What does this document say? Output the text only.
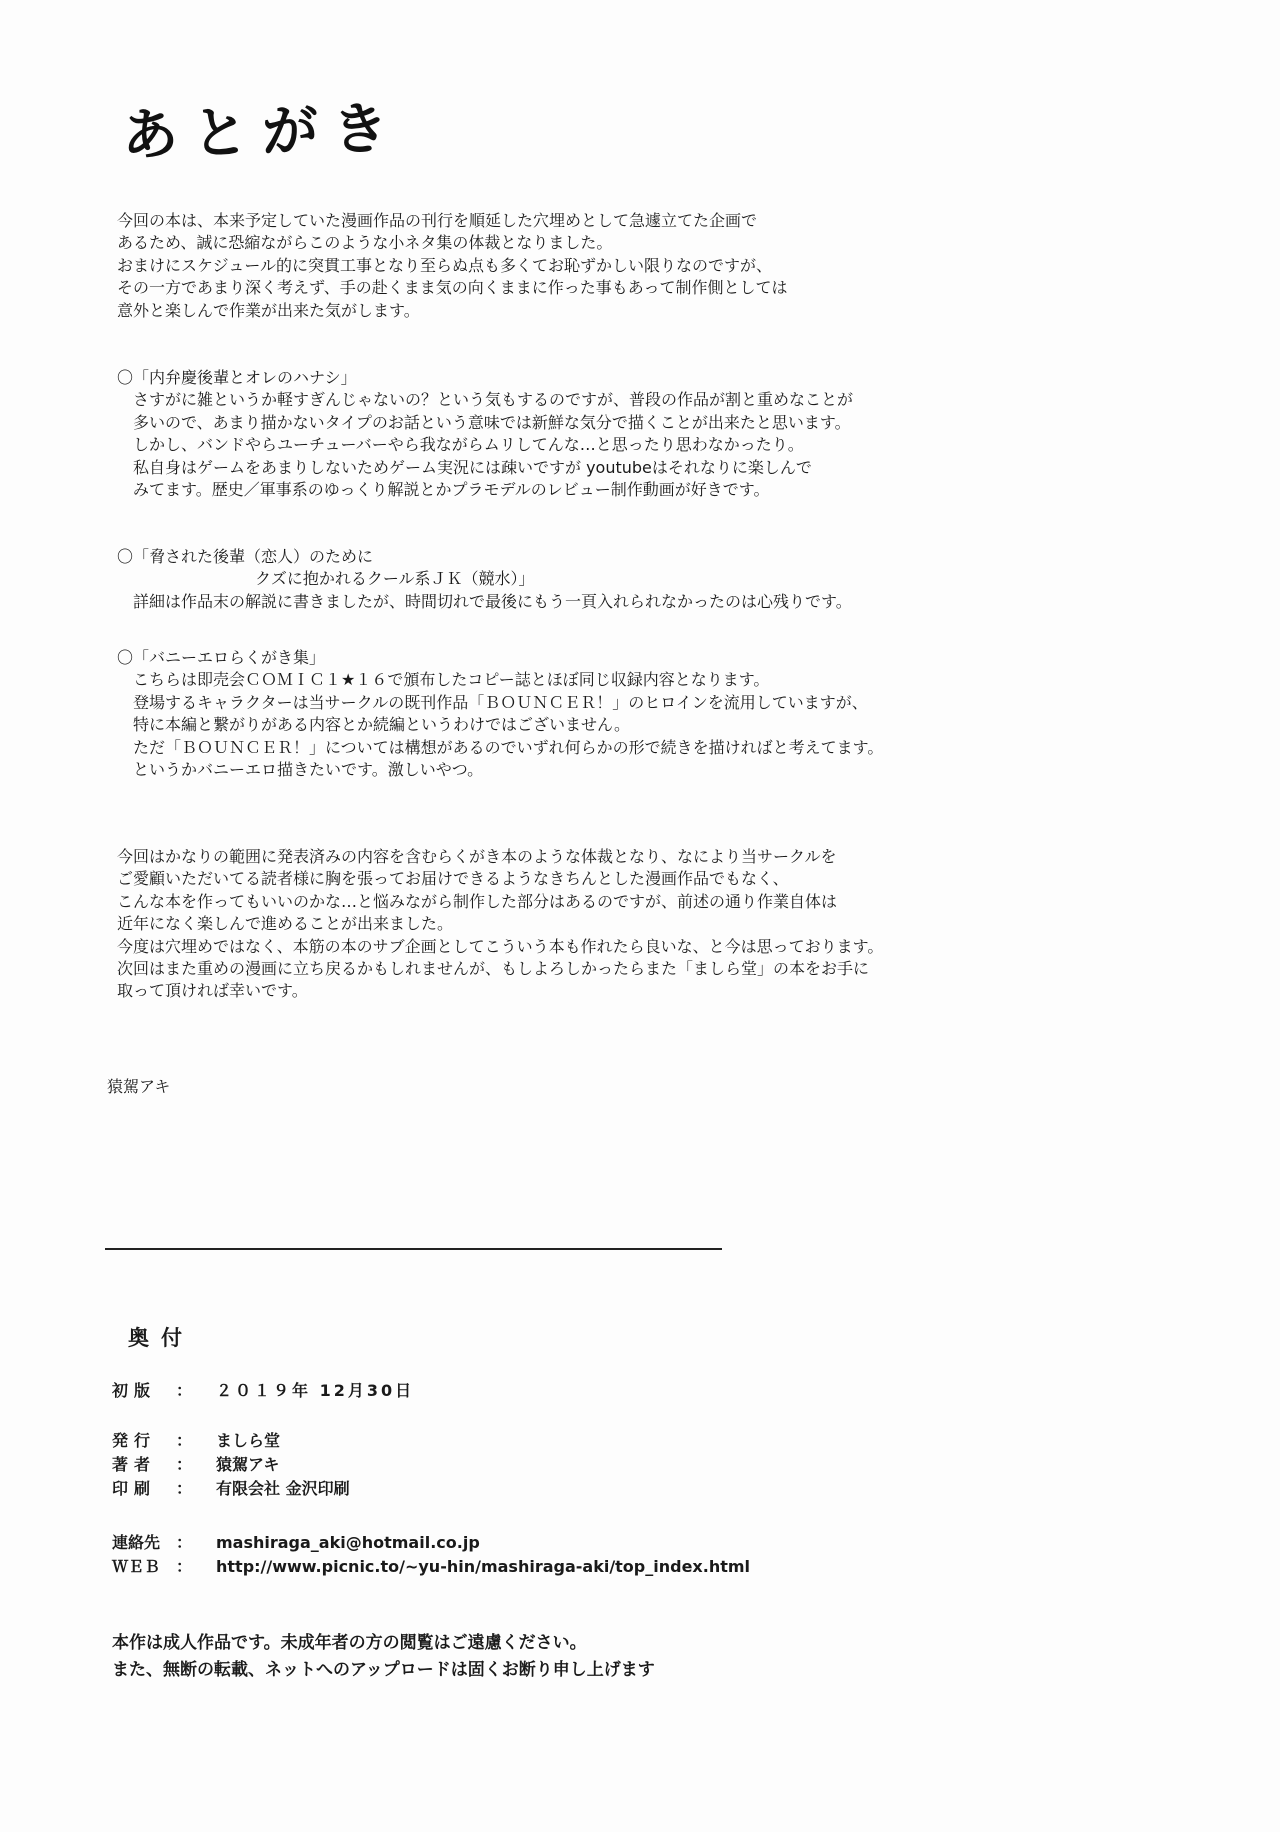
あとがき
今回の本は、本来予定していた漫画作品の刊行を順延した穴埋めとして急遽立てた企画で
あるため、誠に恐縮ながらこのような小ネタ集の体裁となりました。
おまけにスケジュール的に突貫工事となり至らぬ点も多くてお恥ずかしい限りなのですが、
その一方であまり深く考えず、手の赴くまま気の向くままに作った事もあって制作側としては
意外と楽しんで作業が出来た気がします。
〇「内弁慶後輩とオレのハナシ」
さすがに雑というか軽すぎんじゃないの？という気もするのですが、普段の作品が割と重めなことが
多いので、あまり描かないタイプのお話という意味では新鮮な気分で描くことが出来たと思います。
しかし、バンドやらユーチューバーやら我ながらムリしてんな…と思ったり思わなかったり。
私自身はゲームをあまりしないためゲーム実況には疎いですが youtubeはそれなりに楽しんで
みてます。歴史／軍事系のゆっくり解説とかプラモデルのレビュー制作動画が好きです。
〇「脅された後輩（恋人）のために
クズに抱かれるクール系ＪＫ（競水）」
詳細は作品末の解説に書きましたが、時間切れで最後にもう一頁入れられなかったのは心残りです。
〇「バニーエロらくがき集」
こちらは即売会ＣＯＭＩＣ１★１６で頒布したコピー誌とほぼ同じ収録内容となります。
登場するキャラクターは当サークルの既刊作品「ＢＯＵＮＣＥＲ！」のヒロインを流用していますが、
特に本編と繋がりがある内容とか続編というわけではございません。
ただ「ＢＯＵＮＣＥＲ！」については構想があるのでいずれ何らかの形で続きを描ければと考えてます。
というかバニーエロ描きたいです。激しいやつ。
今回はかなりの範囲に発表済みの内容を含むらくがき本のような体裁となり、なにより当サークルを
ご愛顧いただいてる読者様に胸を張ってお届けできるようなきちんとした漫画作品でもなく、
こんな本を作ってもいいのかな…と悩みながら制作した部分はあるのですが、前述の通り作業自体は
近年になく楽しんで進めることが出来ました。
今度は穴埋めではなく、本筋の本のサブ企画としてこういう本も作れたら良いな、と今は思っております。
次回はまた重めの漫画に立ち戻るかもしれませんが、もしよろしかったらまた「ましら堂」の本をお手に
取って頂ければ幸いです。
猿駕アキ
奥付
初版	：	２０１９年 12月30日
発行	：	ましら堂
著者	：	猿駕アキ
印刷	：	有限会社 金沢印刷
連絡先 ：	mashiraga_aki@hotmail.co.jp
ＷＥＢ ：	http://www.picnic.to/~yu-hin/mashiraga-aki/top_index.html
本作は成人作品です。未成年者の方の閲覧はご遠慮ください。
また、無断の転載、ネットへのアップロードは固くお断り申し上げます
